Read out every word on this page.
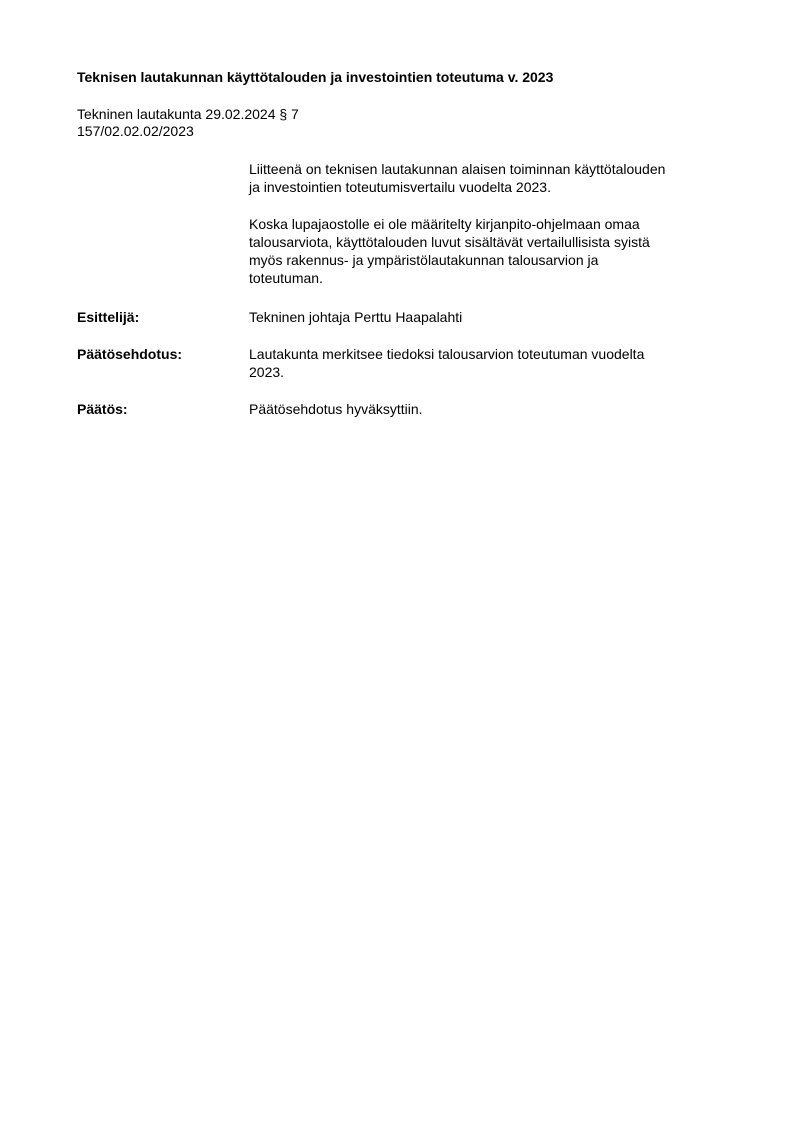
Teknisen lautakunnan käyttötalouden ja investointien toteutuma v. 2023
Tekninen lautakunta 29.02.2024 § 7
157/02.02.02/2023

Liitteenä on teknisen lautakunnan alaisen toiminnan käyttötalouden
ja investointien toteutumisvertailu vuodelta 2023.

Koska lupajaostolle ei ole määritelty kirjanpito-ohjelmaan omaa
talousarviota, käyttötalouden luvut sisältävät vertailullisista syistä
myös rakennus- ja ympäristölautakunnan talousarvion ja
toteutuman.

Esittelijä:	Tekninen johtaja Perttu Haapalahti
Päätösehdotus:	Lautakunta merkitsee tiedoksi talousarvion toteutuman vuodelta
2023.
Päätös:	Päätösehdotus hyväksyttiin.
